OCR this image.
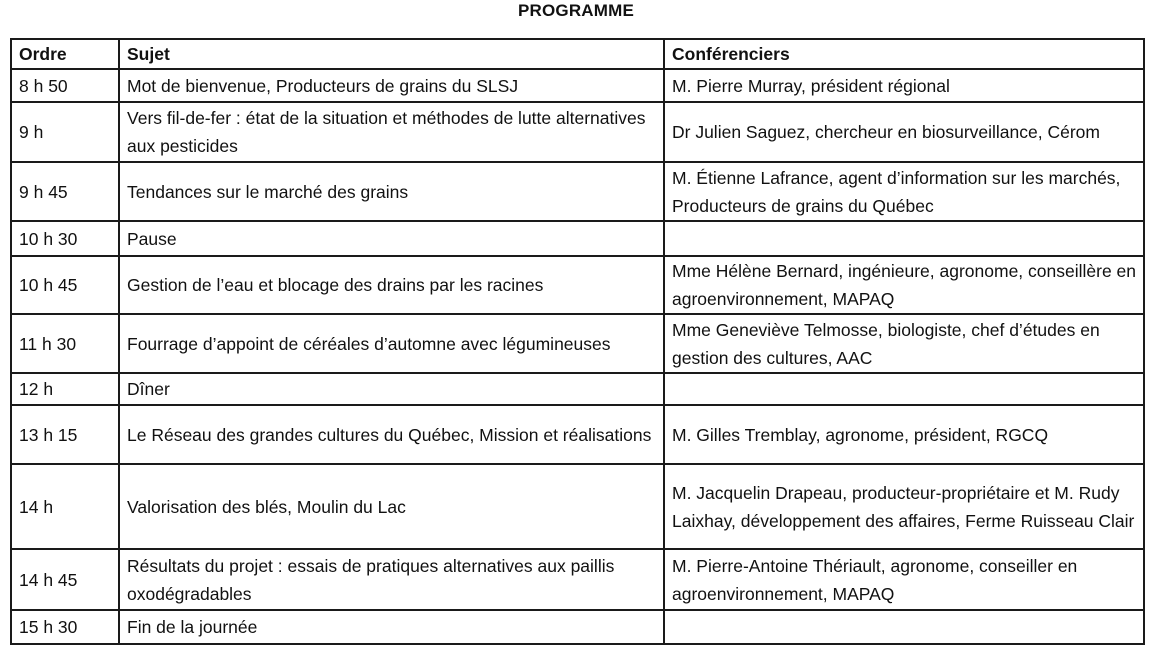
PROGRAMME
Ordre	Sujet	Conférenciers
8 h 50	Mot de bienvenue, Producteurs de grains du SLSJ	M. Pierre Murray, président régional
9 h	Vers fil-de-fer : état de la situation et méthodes de lutte alternatives aux pesticides	Dr Julien Saguez, chercheur en biosurveillance, Cérom
9 h 45	Tendances sur le marché des grains	M. Étienne Lafrance, agent d’information sur les marchés, Producteurs de grains du Québec
10 h 30	Pause	
10 h 45	Gestion de l’eau et blocage des drains par les racines	Mme Hélène Bernard, ingénieure, agronome, conseillère en agroenvironnement, MAPAQ
11 h 30	Fourrage d’appoint de céréales d’automne avec légumineuses	Mme Geneviève Telmosse, biologiste, chef d’études en gestion des cultures, AAC
12 h	Dîner	
13 h 15	Le Réseau des grandes cultures du Québec, Mission et réalisations	M. Gilles Tremblay, agronome, président, RGCQ
14 h	Valorisation des blés, Moulin du Lac	M. Jacquelin Drapeau, producteur-propriétaire et M. Rudy Laixhay, développement des affaires, Ferme Ruisseau Clair
14 h 45	Résultats du projet : essais de pratiques alternatives aux paillis oxodégradables	M. Pierre-Antoine Thériault, agronome, conseiller en agroenvironnement, MAPAQ
15 h 30	Fin de la journée	
